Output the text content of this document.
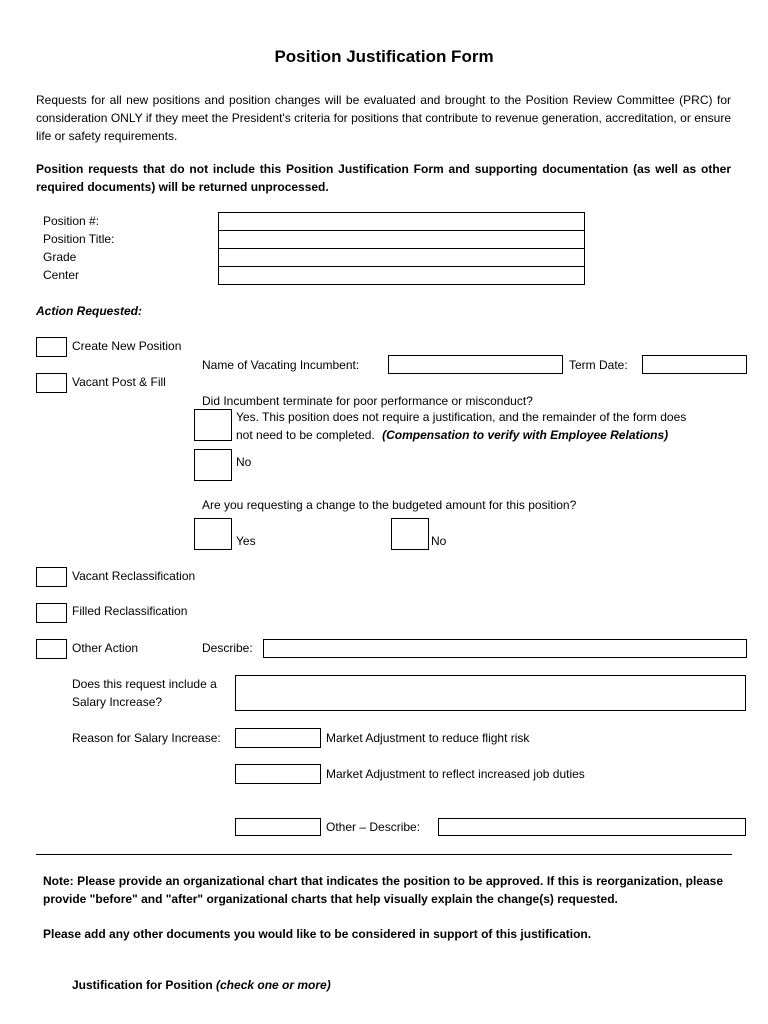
Position Justification Form
Requests for all new positions and position changes will be evaluated and brought to the Position Review Committee (PRC) for consideration ONLY if they meet the President's criteria for positions that contribute to revenue generation, accreditation, or ensure life or safety requirements.
Position requests that do not include this Position Justification Form and supporting documentation (as well as other required documents) will be returned unprocessed.
Position #:
Position Title:
Grade
Center
Action Requested:
Create New Position
Name of Vacating Incumbent:	Term Date:
Vacant Post & Fill
Did Incumbent terminate for poor performance or misconduct?
Yes. This position does not require a justification, and the remainder of the form does
not need to be completed. (Compensation to verify with Employee Relations)
No
Are you requesting a change to the budgeted amount for this position?
Yes	No
Vacant Reclassification
Filled Reclassification
Other Action	Describe:
Does this request include a
Salary Increase?
Reason for Salary Increase:	Market Adjustment to reduce flight risk
Market Adjustment to reflect increased job duties
Other – Describe:
Note: Please provide an organizational chart that indicates the position to be approved. If this is reorganization, please provide "before" and "after" organizational charts that help visually explain the change(s) requested.
Please add any other documents you would like to be considered in support of this justification.
Justification for Position (check one or more)
